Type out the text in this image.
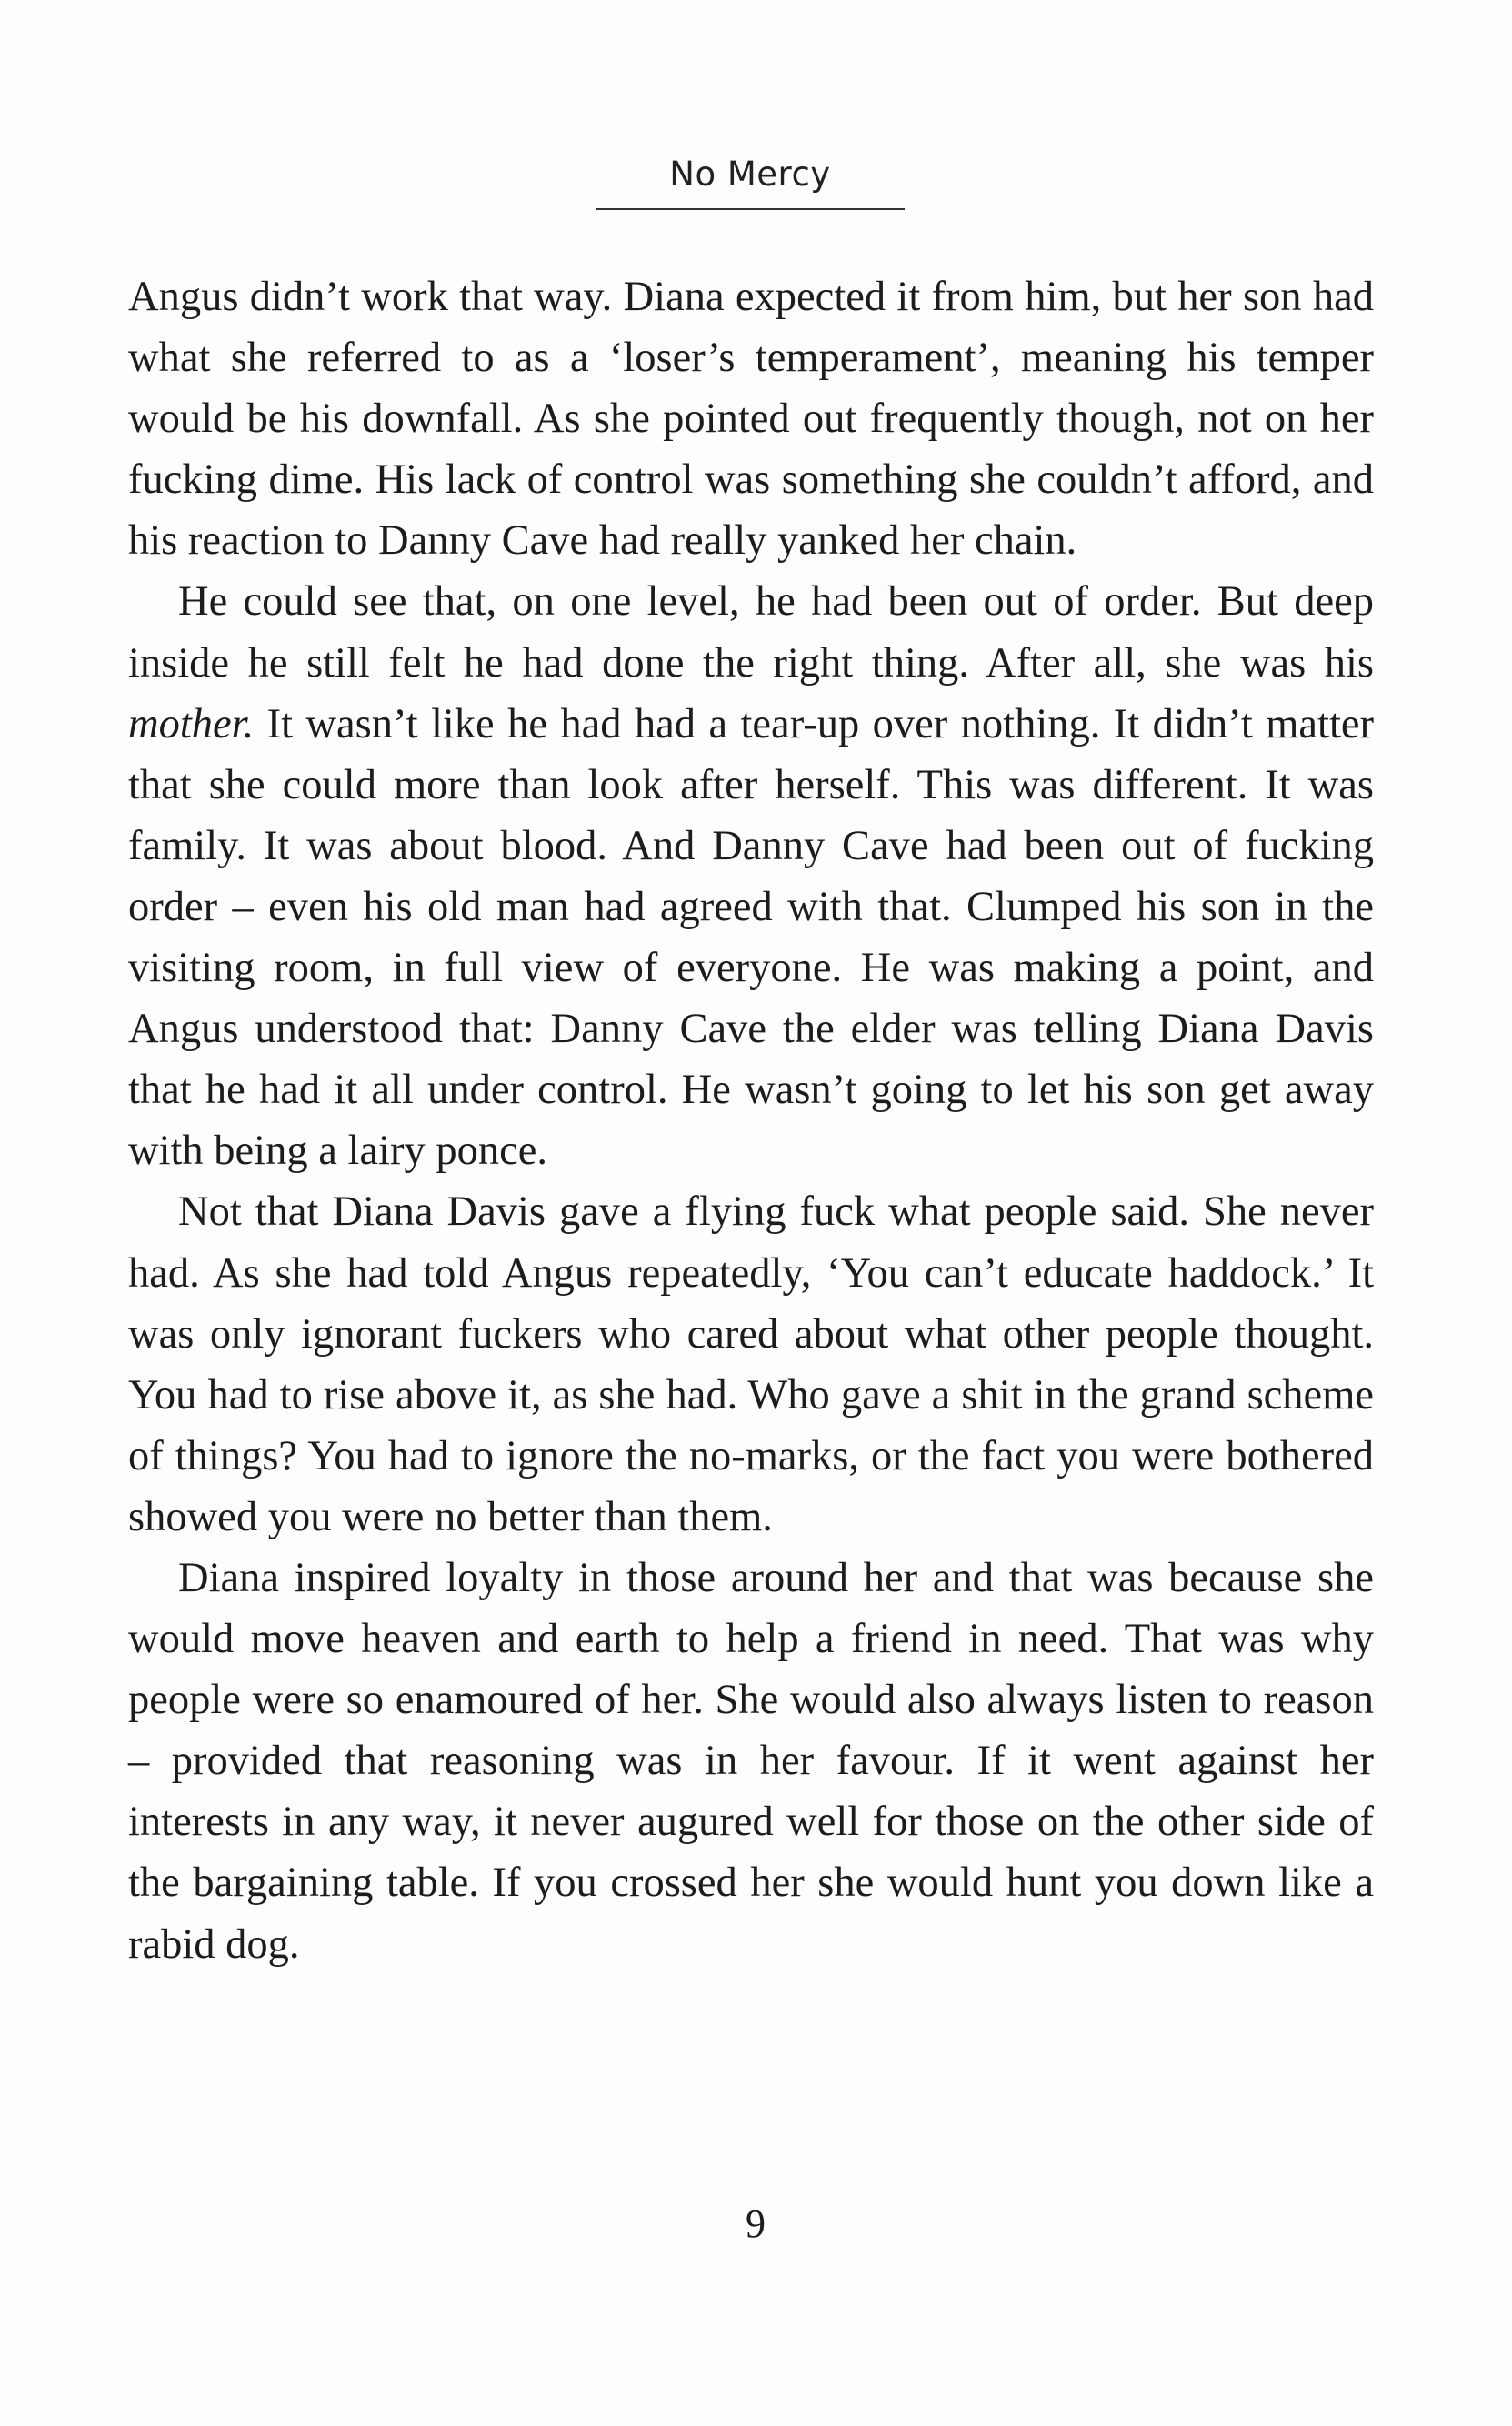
No Mercy

Angus didn’t work that way. Diana expected it from him, but her son had what she referred to as a ‘loser’s temperament’, meaning his temper would be his downfall. As she pointed out frequently though, not on her fucking dime. His lack of control was something she couldn’t afford, and his reaction to Danny Cave had really yanked her chain.

He could see that, on one level, he had been out of order. But deep inside he still felt he had done the right thing. After all, she was his mother. It wasn’t like he had had a tear-up over nothing. It didn’t matter that she could more than look after herself. This was different. It was family. It was about blood. And Danny Cave had been out of fucking order – even his old man had agreed with that. Clumped his son in the visiting room, in full view of everyone. He was making a point, and Angus understood that: Danny Cave the elder was telling Diana Davis that he had it all under control. He wasn’t going to let his son get away with being a lairy ponce.

Not that Diana Davis gave a flying fuck what people said. She never had. As she had told Angus repeatedly, ‘You can’t educate haddock.’ It was only ignorant fuckers who cared about what other people thought. You had to rise above it, as she had. Who gave a shit in the grand scheme of things? You had to ignore the no-marks, or the fact you were bothered showed you were no better than them.

Diana inspired loyalty in those around her and that was because she would move heaven and earth to help a friend in need. That was why people were so enamoured of her. She would also always listen to reason – provided that reasoning was in her favour. If it went against her interests in any way, it never augured well for those on the other side of the bargaining table. If you crossed her she would hunt you down like a rabid dog.

9
